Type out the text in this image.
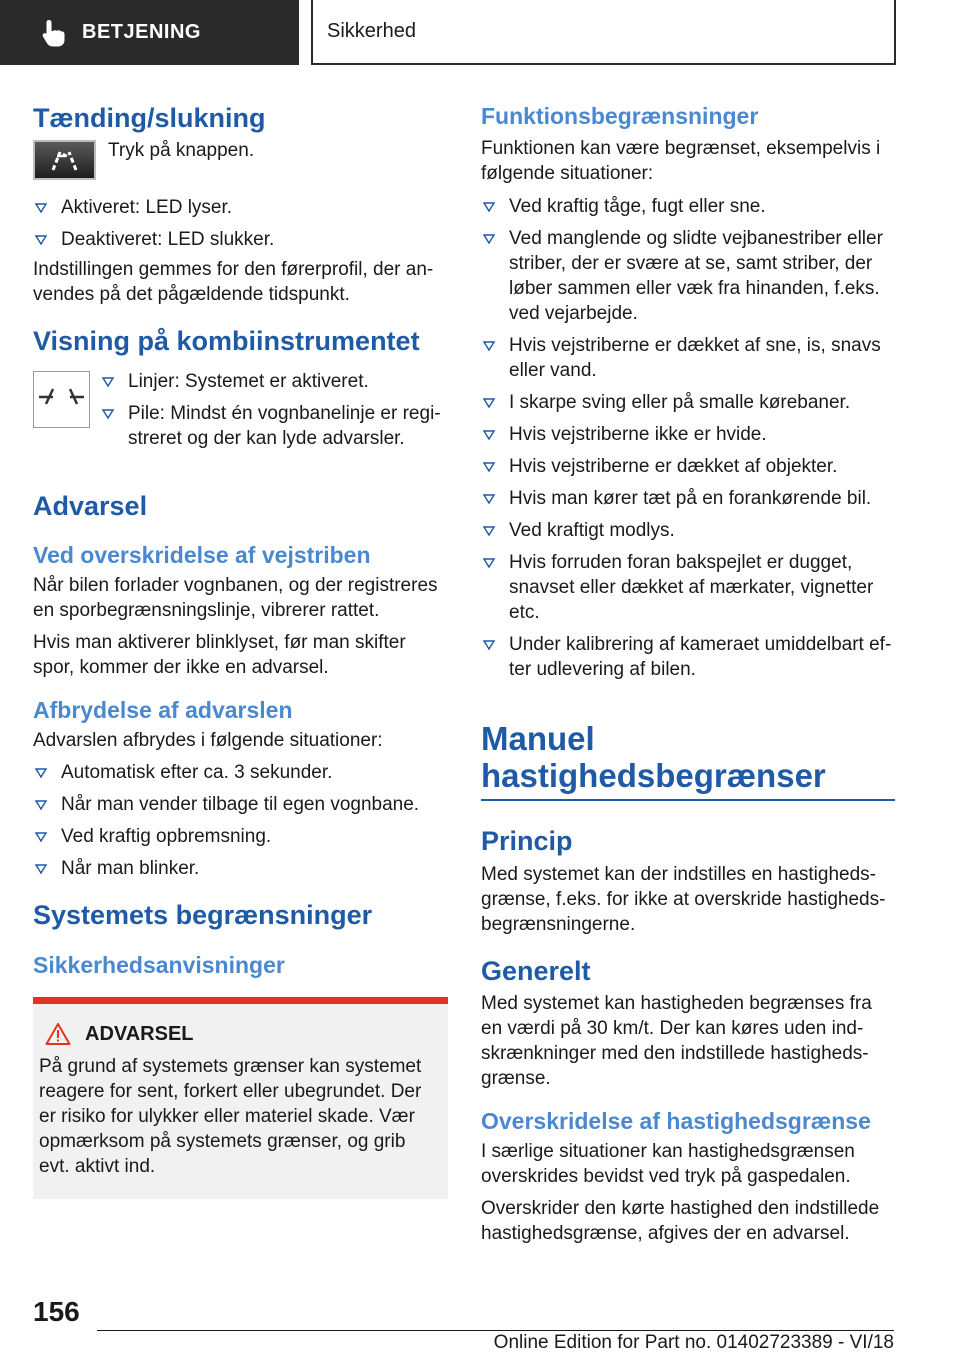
BETJENING	Sikkerhed
Tænding/slukning

Tryk på knappen.

Aktiveret: LED lyser.
Deaktiveret: LED slukker.

Indstillingen gemmes for den førerprofil, der anvendes på det pågældende tidspunkt.

Visning på kombiinstrumentet
Linjer: Systemet er aktiveret.
Pile: Mindst én vognbanelinje er registreret og der kan lyde advarsler.
Advarsel
Ved overskridelse af vejstriben

Når bilen forlader vognbanen, og der registreres en sporbegrænsningslinje, vibrerer rattet.

Hvis man aktiverer blinklyset, før man skifter spor, kommer der ikke en advarsel.

Afbrydelse af advarslen

Advarslen afbrydes i følgende situationer:

Automatisk efter ca. 3 sekunder.
Når man vender tilbage til egen vognbane.
Ved kraftig opbremsning.
Når man blinker.
Systemets begrænsninger
Sikkerhedsanvisninger
ADVARSEL

På grund af systemets grænser kan systemet reagere for sent, forkert eller ubegrundet. Der er risiko for ulykker eller materiel skade. Vær opmærksom på systemets grænser, og grib evt. aktivt ind.

Funktionsbegrænsninger

Funktionen kan være begrænset, eksempelvis i følgende situationer:

Ved kraftig tåge, fugt eller sne.
Ved manglende og slidte vejbanestriber eller striber, der er svære at se, samt striber, der løber sammen eller væk fra hinanden, f.eks. ved vejarbejde.
Hvis vejstriberne er dækket af sne, is, snavs eller vand.
I skarpe sving eller på smalle kørebaner.
Hvis vejstriberne ikke er hvide.
Hvis vejstriberne er dækket af objekter.
Hvis man kører tæt på en forankørende bil.
Ved kraftigt modlys.
Hvis forruden foran bakspejlet er dugget, snavset eller dækket af mærkater, vignetter etc.
Under kalibrering af kameraet umiddelbart efter udlevering af bilen.
Manuel
hastighedsbegrænser
Princip

Med systemet kan der indstilles en hastighedsgrænse, f.eks. for ikke at overskride hastighedsbegrænsningerne.

Generelt

Med systemet kan hastigheden begrænses fra en værdi på 30 km/t. Der kan køres uden indskrænkninger med den indstillede hastighedsgrænse.

Overskridelse af hastighedsgrænse

I særlige situationer kan hastighedsgrænsen overskrides bevidst ved tryk på gaspedalen.

Overskrider den kørte hastighed den indstillede hastighedsgrænse, afgives der en advarsel.

156
Online Edition for Part no. 01402723389 - VI/18
